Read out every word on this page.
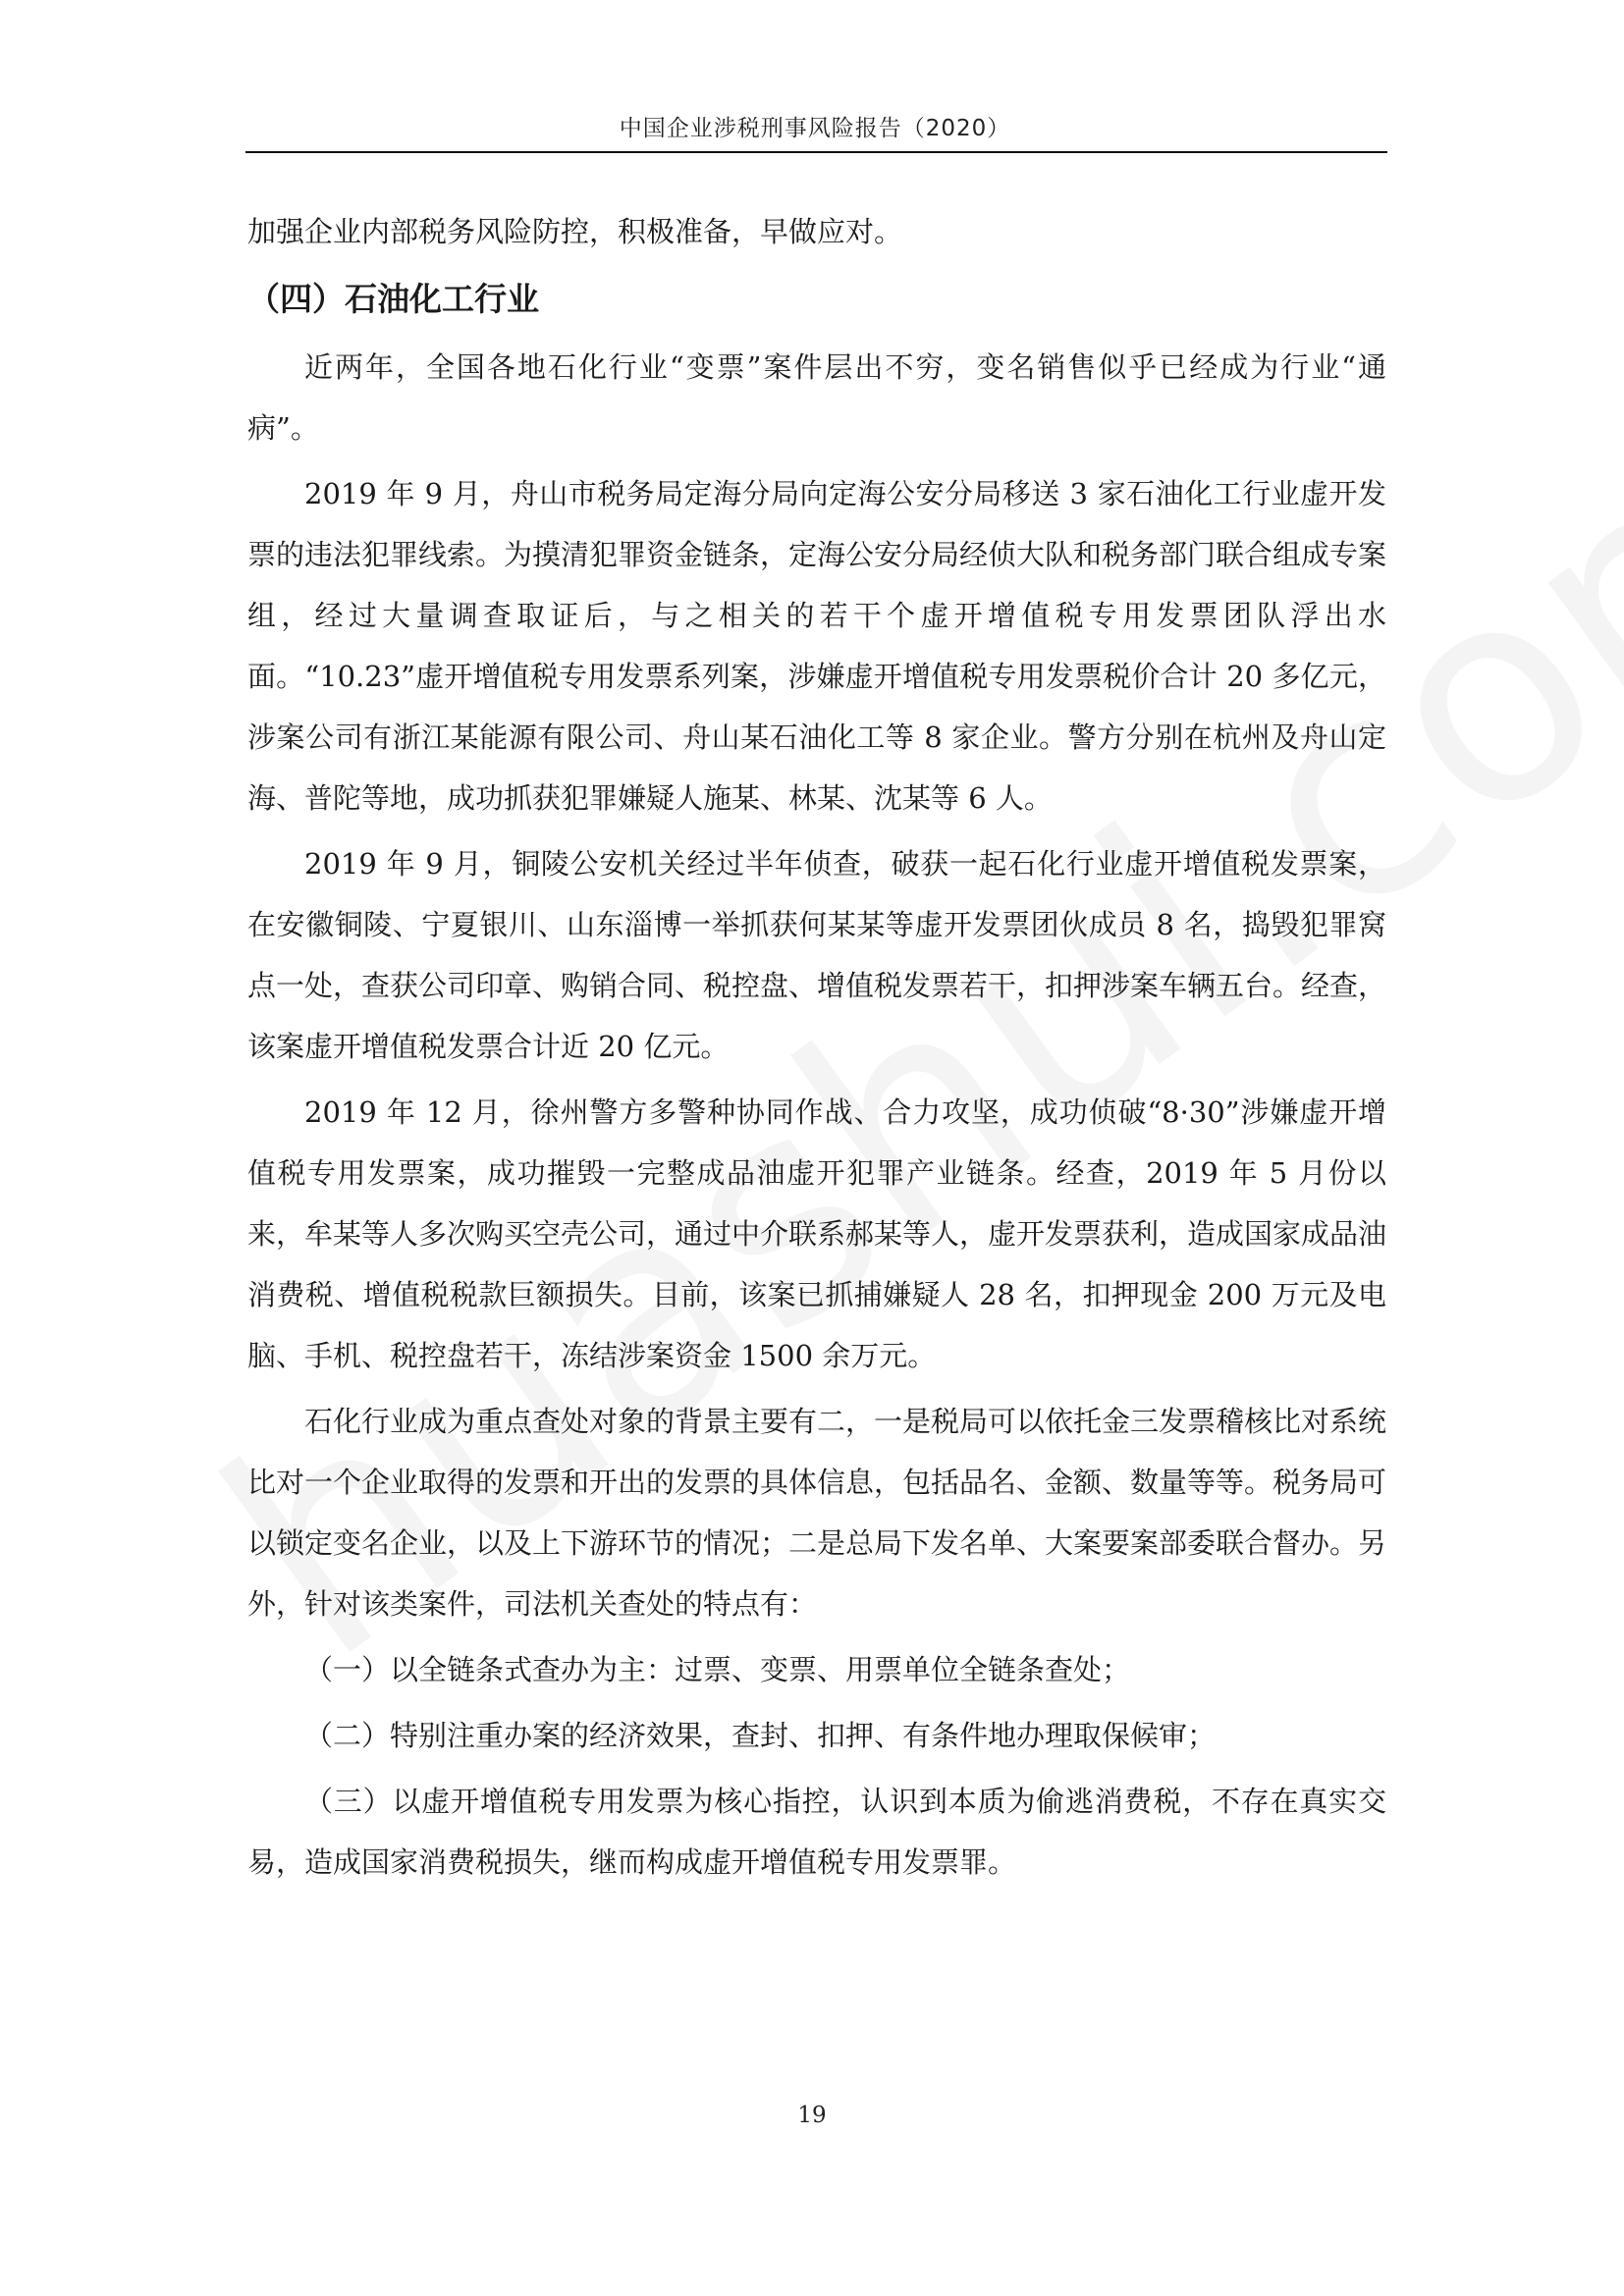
中国企业涉税刑事风险报告（2020）

加强企业内部税务风险防控，积极准备，早做应对。

（四）石油化工行业

近两年，全国各地石化行业“变票”案件层出不穷，变名销售似乎已经成为行业“通病”。

2019 年 9 月，舟山市税务局定海分局向定海公安分局移送 3 家石油化工行业虚开发票的违法犯罪线索。为摸清犯罪资金链条，定海公安分局经侦大队和税务部门联合组成专案组，经过大量调查取证后，与之相关的若干个虚开增值税专用发票团队浮出水面。“10.23”虚开增值税专用发票系列案，涉嫌虚开增值税专用发票税价合计 20 多亿元，涉案公司有浙江某能源有限公司、舟山某石油化工等 8 家企业。警方分别在杭州及舟山定海、普陀等地，成功抓获犯罪嫌疑人施某、林某、沈某等 6 人。

2019 年 9 月，铜陵公安机关经过半年侦查，破获一起石化行业虚开增值税发票案，在安徽铜陵、宁夏银川、山东淄博一举抓获何某某等虚开发票团伙成员 8 名，捣毁犯罪窝点一处，查获公司印章、购销合同、税控盘、增值税发票若干，扣押涉案车辆五台。经查，该案虚开增值税发票合计近 20 亿元。

2019 年 12 月，徐州警方多警种协同作战、合力攻坚，成功侦破“8·30”涉嫌虚开增值税专用发票案，成功摧毁一完整成品油虚开犯罪产业链条。经查，2019 年 5 月份以来，牟某等人多次购买空壳公司，通过中介联系郝某等人，虚开发票获利，造成国家成品油消费税、增值税税款巨额损失。目前，该案已抓捕嫌疑人 28 名，扣押现金 200 万元及电脑、手机、税控盘若干，冻结涉案资金 1500 余万元。

石化行业成为重点查处对象的背景主要有二，一是税局可以依托金三发票稽核比对系统比对一个企业取得的发票和开出的发票的具体信息，包括品名、金额、数量等等。税务局可以锁定变名企业，以及上下游环节的情况；二是总局下发名单、大案要案部委联合督办。另外，针对该类案件，司法机关查处的特点有：

（一）以全链条式查办为主：过票、变票、用票单位全链条查处；

（二）特别注重办案的经济效果，查封、扣押、有条件地办理取保候审；

（三）以虚开增值税专用发票为核心指控，认识到本质为偷逃消费税，不存在真实交易，造成国家消费税损失，继而构成虚开增值税专用发票罪。

19
